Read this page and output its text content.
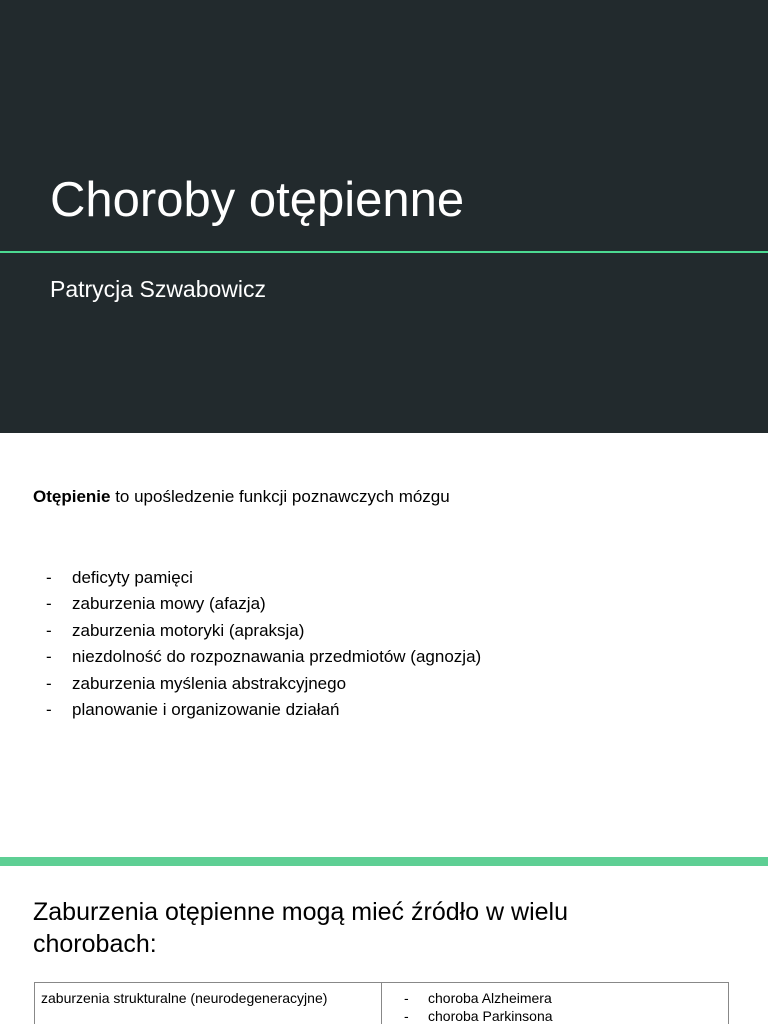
Choroby otępienne
Patrycja Szwabowicz
Otępienie to upośledzenie funkcji poznawczych mózgu
-	deficyty pamięci
-	zaburzenia mowy (afazja)
-	zaburzenia motoryki (apraksja)
-	niezdolność do rozpoznawania przedmiotów (agnozja)
-	zaburzenia myślenia abstrakcyjnego
-	planowanie i organizowanie działań
Zaburzenia otępienne mogą mieć źródło w wielu chorobach:
zaburzenia strukturalne (neurodegeneracyjne)	-	choroba Alzheimera
-	choroba Parkinsona
